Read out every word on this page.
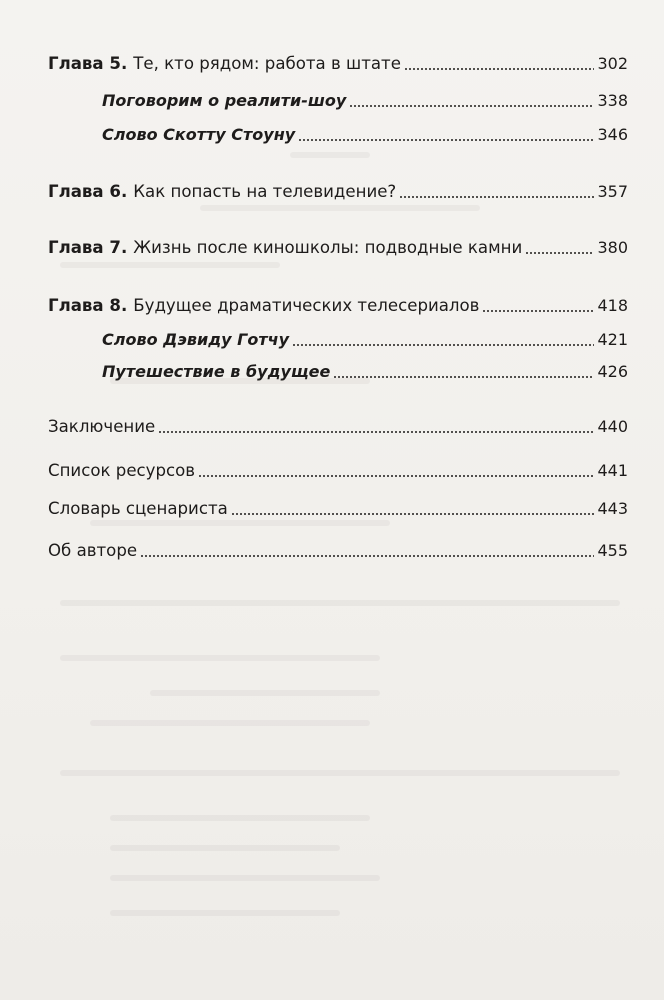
Глава 5. Те, кто рядом: работа в штате	302
Поговорим о реалити-шоу	338
Слово Скотту Стоуну	346
Глава 6. Как попасть на телевидение?	357
Глава 7. Жизнь после киношколы: подводные камни	380
Глава 8. Будущее драматических телесериалов	418
Слово Дэвиду Готчу	421
Путешествие в будущее	426
Заключение	440
Список ресурсов	441
Словарь сценариста	443
Об авторе	455
